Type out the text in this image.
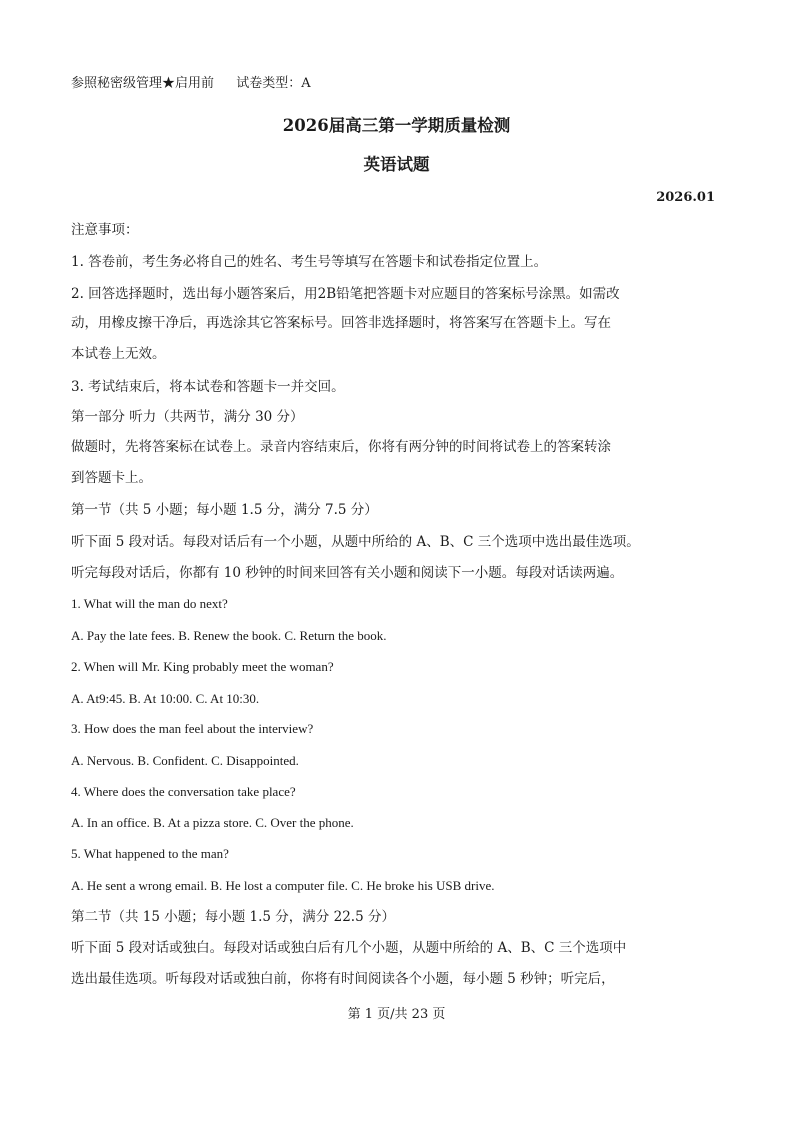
参照秘密级管理★启用前 试卷类型：A
2026届高三第一学期质量检测
英语试题
2026.01
注意事项：
1. 答卷前，考生务必将自己的姓名、考生号等填写在答题卡和试卷指定位置上。
2. 回答选择题时，选出每小题答案后，用2B铅笔把答题卡对应题目的答案标号涂黑。如需改
动，用橡皮擦干净后，再选涂其它答案标号。回答非选择题时，将答案写在答题卡上。写在
本试卷上无效。
3. 考试结束后，将本试卷和答题卡一并交回。
第一部分 听力（共两节，满分 30 分）
做题时，先将答案标在试卷上。录音内容结束后，你将有两分钟的时间将试卷上的答案转涂
到答题卡上。
第一节（共 5 小题；每小题 1.5 分，满分 7.5 分）
听下面 5 段对话。每段对话后有一个小题，从题中所给的 A、B、C 三个选项中选出最佳选项。
听完每段对话后，你都有 10 秒钟的时间来回答有关小题和阅读下一小题。每段对话读两遍。
1. What will the man do next?
A. Pay the late fees. B. Renew the book. C. Return the book.
2. When will Mr. King probably meet the woman?
A. At9:45. B. At 10:00. C. At 10:30.
3. How does the man feel about the interview?
A. Nervous. B. Confident. C. Disappointed.
4. Where does the conversation take place?
A. In an office. B. At a pizza store. C. Over the phone.
5. What happened to the man?
A. He sent a wrong email. B. He lost a computer file. C. He broke his USB drive.
第二节（共 15 小题；每小题 1.5 分，满分 22.5 分）
听下面 5 段对话或独白。每段对话或独白后有几个小题，从题中所给的 A、B、C 三个选项中
选出最佳选项。听每段对话或独白前，你将有时间阅读各个小题，每小题 5 秒钟；听完后，
第 1 页/共 23 页
